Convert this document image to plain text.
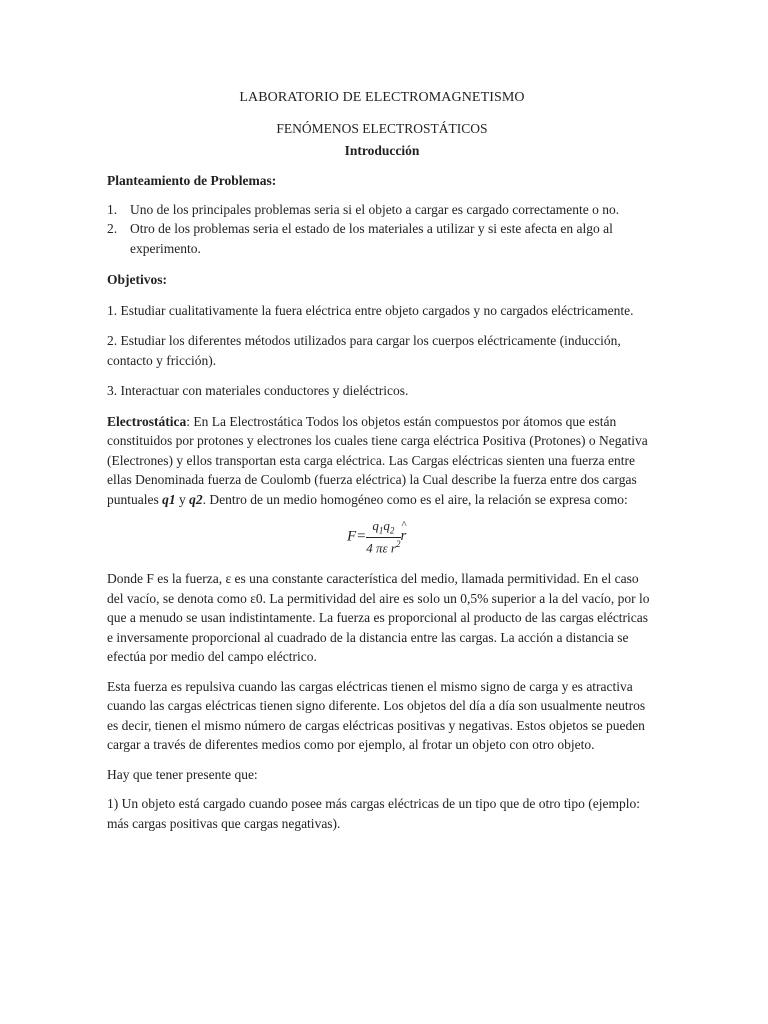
LABORATORIO DE ELECTROMAGNETISMO
FENÓMENOS ELECTROSTÁTICOS
Introducción

Planteamiento de Problemas:

1. Uno de los principales problemas seria si el objeto a cargar es cargado correctamente o no.
2. Otro de los problemas seria el estado de los materiales a utilizar y si este afecta en algo al experimento.

Objetivos:

1. Estudiar cualitativamente la fuera eléctrica entre objeto cargados y no cargados eléctricamente.

2. Estudiar los diferentes métodos utilizados para cargar los cuerpos eléctricamente (inducción, contacto y fricción).

3. Interactuar con materiales conductores y dieléctricos.

Electrostática: En La Electrostática Todos los objetos están compuestos por átomos que están constituidos por protones y electrones los cuales tiene carga eléctrica Positiva (Protones) o Negativa (Electrones) y ellos transportan esta carga eléctrica. Las Cargas eléctricas sienten una fuerza entre ellas Denominada fuerza de Coulomb (fuerza eléctrica) la Cual describe la fuerza entre dos cargas puntuales q1 y q2. Dentro de un medio homogéneo como es el aire, la relación se expresa como:

$F= \frac{q_1q_2}{4 \pi\varepsilon r^2}$
^ r

Donde F es la fuerza, ε es una constante característica del medio, llamada permitividad. En el caso del vacío, se denota como ε0. La permitividad del aire es solo un 0,5% superior a la del vacío, por lo que a menudo se usan indistintamente. La fuerza es proporcional al producto de las cargas eléctricas e inversamente proporcional al cuadrado de la distancia entre las cargas. La acción a distancia se efectúa por medio del campo eléctrico.

Esta fuerza es repulsiva cuando las cargas eléctricas tienen el mismo signo de carga y es atractiva cuando las cargas eléctricas tienen signo diferente. Los objetos del día a día son usualmente neutros es decir, tienen el mismo número de cargas eléctricas positivas y negativas. Estos objetos se pueden cargar a través de diferentes medios como por ejemplo, al frotar un objeto con otro objeto.

Hay que tener presente que:

1) Un objeto está cargado cuando posee más cargas eléctricas de un tipo que de otro tipo (ejemplo: más cargas positivas que cargas negativas).
